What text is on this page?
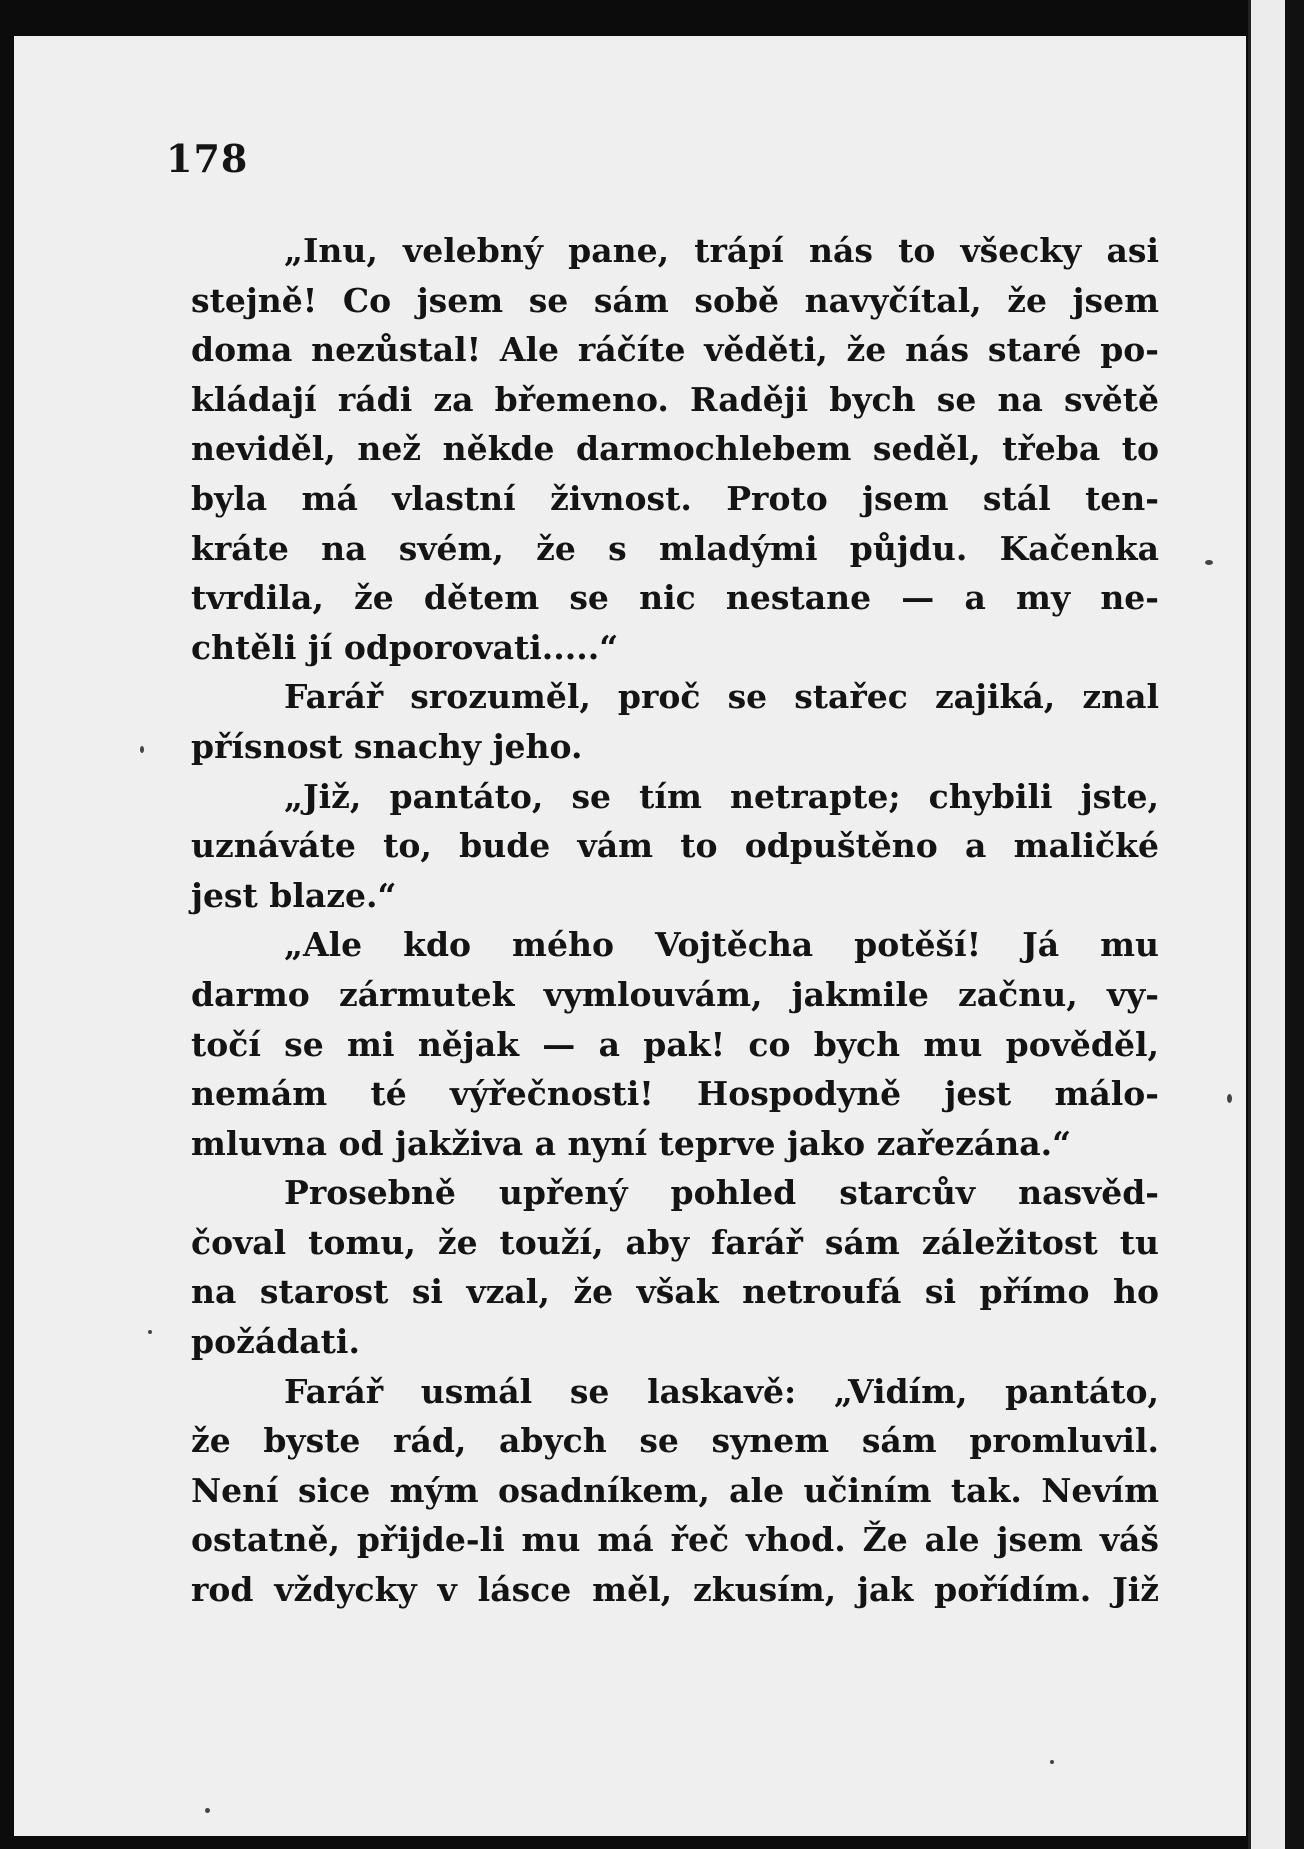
178
„Inu, velebný pane, trápí nás to všecky asi
stejně! Co jsem se sám sobě navyčítal, že jsem
doma nezůstal! Ale ráčíte věděti, že nás staré po-
kládají rádi za břemeno. Raději bych se na světě
neviděl, než někde darmochlebem seděl, třeba to
byla má vlastní živnost. Proto jsem stál ten-
kráte na svém, že s mladými půjdu. Kačenka
tvrdila, že dětem se nic nestane — a my ne-
chtěli jí odporovati.....“
Farář srozuměl, proč se stařec zajiká, znal
přísnost snachy jeho.
„Již, pantáto, se tím netrapte; chybili jste,
uznáváte to, bude vám to odpuštěno a maličké
jest blaze.“
„Ale kdo mého Vojtěcha potěší! Já mu
darmo zármutek vymlouvám, jakmile začnu, vy-
točí se mi nějak — a pak! co bych mu pověděl,
nemám té výřečnosti! Hospodyně jest málo-
mluvna od jakživa a nyní teprve jako zařezána.“
Prosebně upřený pohled starcův nasvěd-
čoval tomu, že touží, aby farář sám záležitost tu
na starost si vzal, že však netroufá si přímo ho
požádati.
Farář usmál se laskavě: „Vidím, pantáto,
že byste rád, abych se synem sám promluvil.
Není sice mým osadníkem, ale učiním tak. Nevím
ostatně, přijde-li mu má řeč vhod. Že ale jsem váš
rod vždycky v lásce měl, zkusím, jak pořídím. Již
